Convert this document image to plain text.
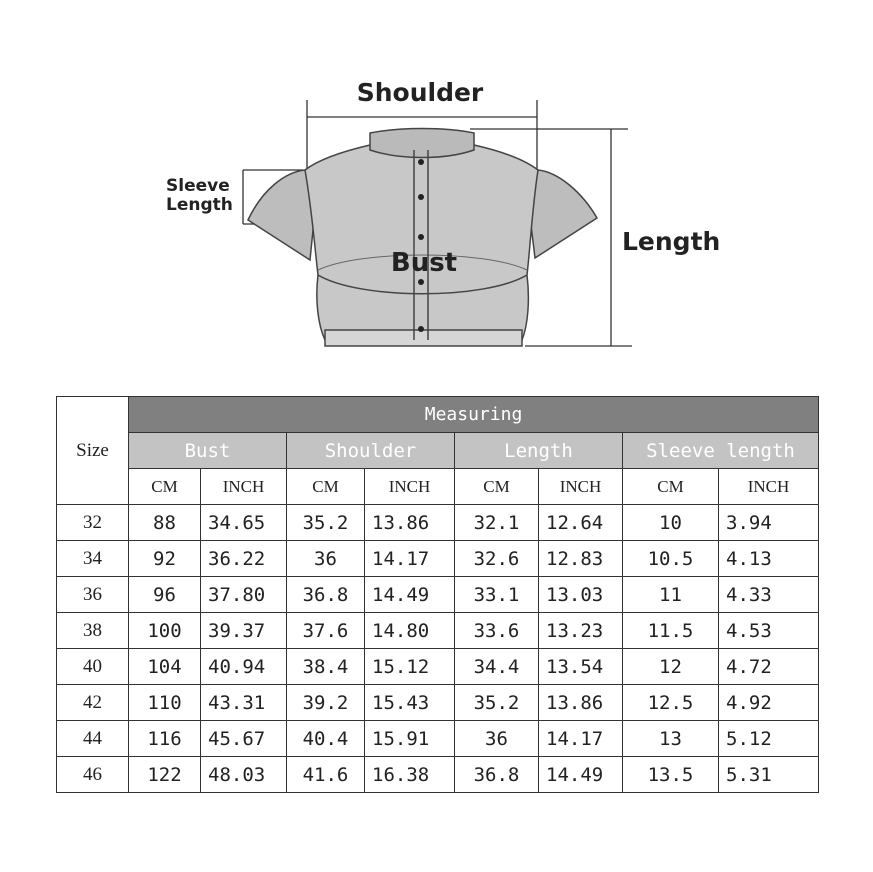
Shoulder
Sleeve
Length
Bust
Length
Size	Measuring							
	Bust		Shoulder		Length		Sleeve length	
	CM	INCH	CM	INCH	CM	INCH	CM	INCH
32	88	34.65	35.2	13.86	32.1	12.64	10	3.94
34	92	36.22	36	14.17	32.6	12.83	10.5	4.13
36	96	37.80	36.8	14.49	33.1	13.03	11	4.33
38	100	39.37	37.6	14.80	33.6	13.23	11.5	4.53
40	104	40.94	38.4	15.12	34.4	13.54	12	4.72
42	110	43.31	39.2	15.43	35.2	13.86	12.5	4.92
44	116	45.67	40.4	15.91	36	14.17	13	5.12
46	122	48.03	41.6	16.38	36.8	14.49	13.5	5.31
